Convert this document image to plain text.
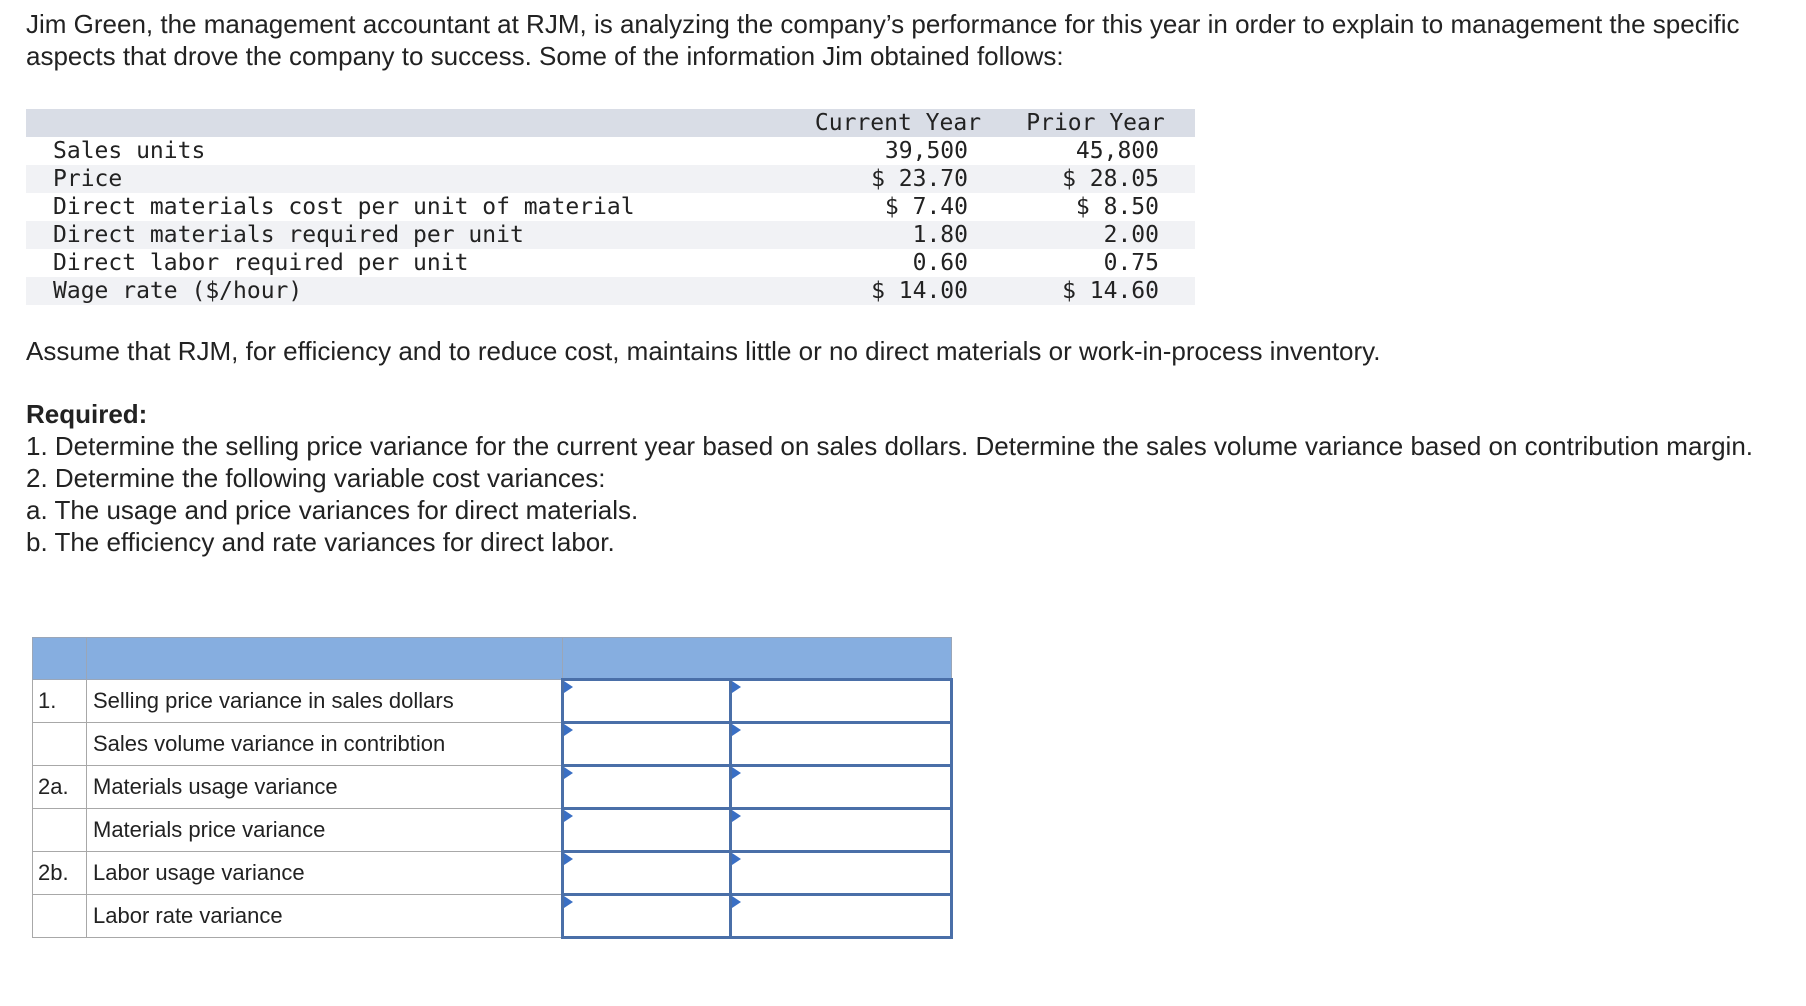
Jim Green, the management accountant at RJM, is analyzing the company’s performance for this year in order to explain to management the specific aspects that drove the company to success. Some of the information Jim obtained follows:
	Current Year	Prior Year
Sales units	39,500	45,800
Price	$ 23.70	$ 28.05
Direct materials cost per unit of material	$ 7.40	$ 8.50
Direct materials required per unit	1.80	2.00
Direct labor required per unit	0.60	0.75
Wage rate ($/hour)	$ 14.00	$ 14.60
Assume that RJM, for efficiency and to reduce cost, maintains little or no direct materials or work-in-process inventory.
Required:
1. Determine the selling price variance for the current year based on sales dollars. Determine the sales volume variance based on contribution margin.
2. Determine the following variable cost variances:
a. The usage and price variances for direct materials.
b. The efficiency and rate variances for direct labor.

1.	Selling price variance in sales dollars	

	Sales volume variance in contribtion	

2a.	Materials usage variance	

	Materials price variance	

2b.	Labor usage variance	

	Labor rate variance	
